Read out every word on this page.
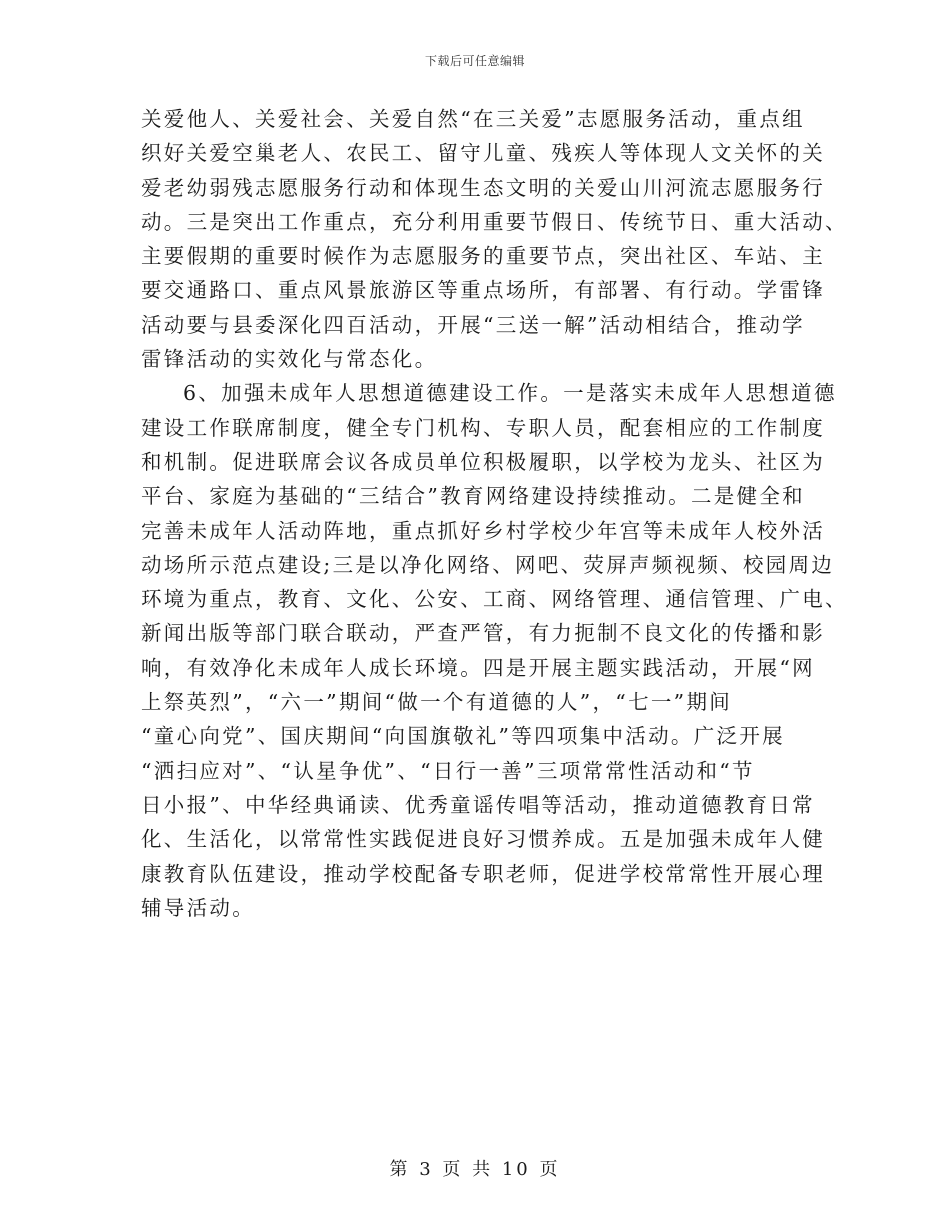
下载后可任意编辑
关爱他人、关爱社会、关爱自然“在三关爱”志愿服务活动，重点组
织好关爱空巢老人、农民工、留守儿童、残疾人等体现人文关怀的关
爱老幼弱残志愿服务行动和体现生态文明的关爱山川河流志愿服务行
动。三是突出工作重点，充分利用重要节假日、传统节日、重大活动、
主要假期的重要时候作为志愿服务的重要节点，突出社区、车站、主
要交通路口、重点风景旅游区等重点场所，有部署、有行动。学雷锋
活动要与县委深化四百活动，开展“三送一解”活动相结合，推动学
雷锋活动的实效化与常态化。
6、加强未成年人思想道德建设工作。一是落实未成年人思想道德
建设工作联席制度，健全专门机构、专职人员，配套相应的工作制度
和机制。促进联席会议各成员单位积极履职，以学校为龙头、社区为
平台、家庭为基础的“三结合”教育网络建设持续推动。二是健全和
完善未成年人活动阵地，重点抓好乡村学校少年宫等未成年人校外活
动场所示范点建设;三是以净化网络、网吧、荧屏声频视频、校园周边
环境为重点，教育、文化、公安、工商、网络管理、通信管理、广电、
新闻出版等部门联合联动，严查严管，有力扼制不良文化的传播和影
响，有效净化未成年人成长环境。四是开展主题实践活动，开展“网
上祭英烈”，“六一”期间“做一个有道德的人”，“七一”期间
“童心向党”、国庆期间“向国旗敬礼”等四项集中活动。广泛开展
“洒扫应对”、“认星争优”、“日行一善”三项常常性活动和“节
日小报”、中华经典诵读、优秀童谣传唱等活动，推动道德教育日常
化、生活化，以常常性实践促进良好习惯养成。五是加强未成年人健
康教育队伍建设，推动学校配备专职老师，促进学校常常性开展心理
辅导活动。
第 3 页 共 10 页
